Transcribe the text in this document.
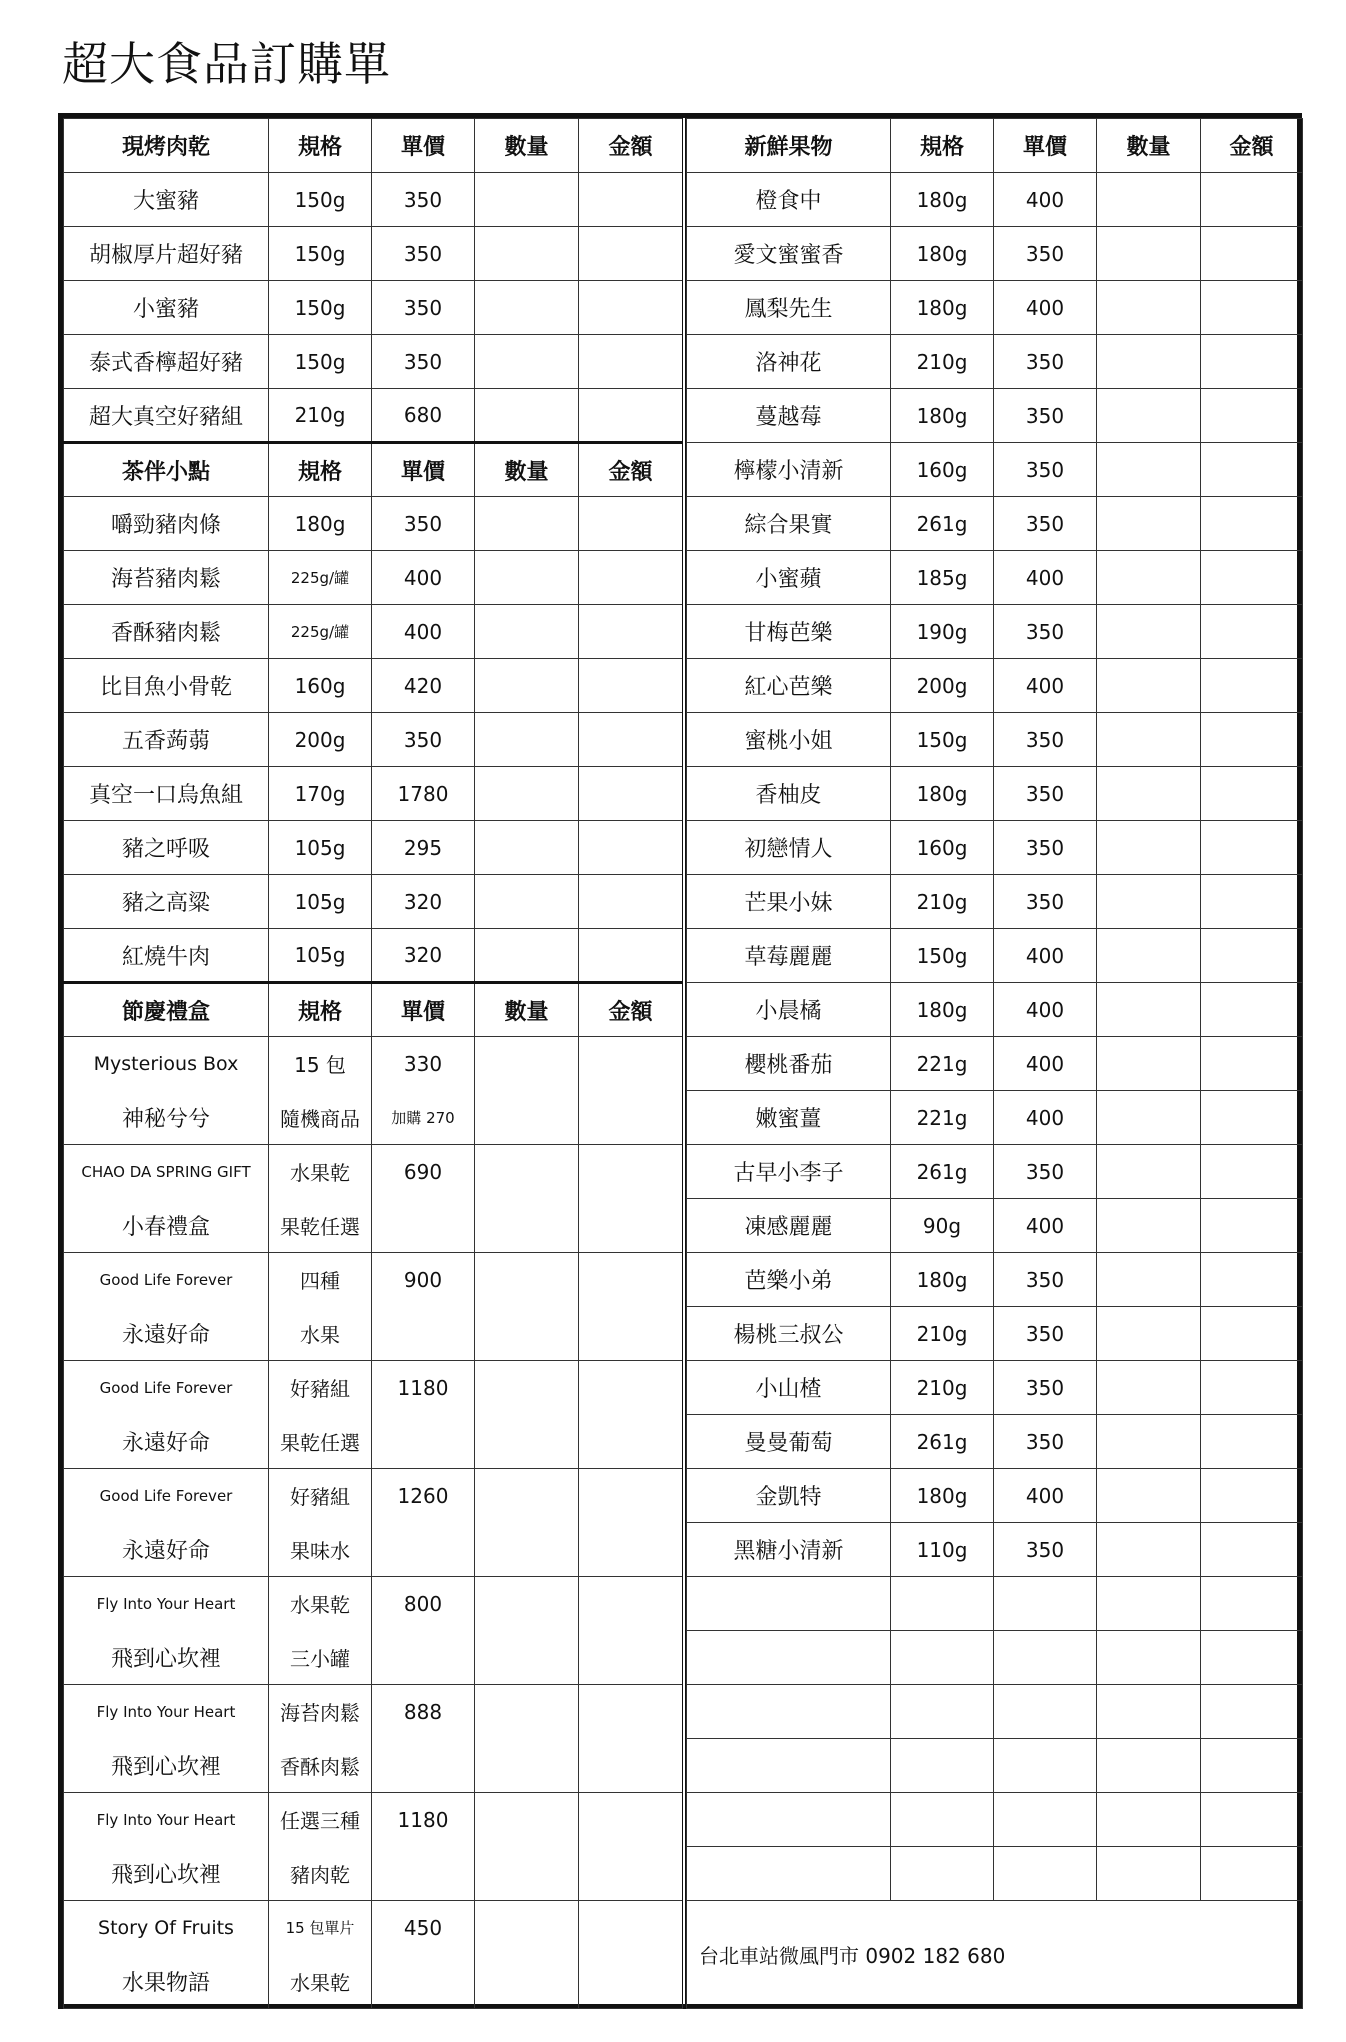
超大食品訂購單
現烤肉乾	規格	單價	數量	金額
大蜜豬	150g	350		
胡椒厚片超好豬	150g	350		
小蜜豬	150g	350		
泰式香檸超好豬	150g	350		
超大真空好豬組	210g	680		
茶伴小點	規格	單價	數量	金額
嚼勁豬肉條	180g	350		
海苔豬肉鬆	225g/罐	400		
香酥豬肉鬆	225g/罐	400		
比目魚小骨乾	160g	420		
五香蒟蒻	200g	350		
真空一口烏魚組	170g	1780		
豬之呼吸	105g	295		
豬之高粱	105g	320		
紅燒牛肉	105g	320		
節慶禮盒	規格	單價	數量	金額
Mysterious Box	15 包	330		
神秘兮兮	隨機商品	加購 270		
CHAO DA SPRING GIFT	水果乾	690		
小春禮盒	果乾任選			
Good Life Forever	四種	900		
永遠好命	水果			
Good Life Forever	好豬組	1180		
永遠好命	果乾任選			
Good Life Forever	好豬組	1260		
永遠好命	果味水			
Fly Into Your Heart	水果乾	800		
飛到心坎裡	三小罐			
Fly Into Your Heart	海苔肉鬆	888		
飛到心坎裡	香酥肉鬆			
Fly Into Your Heart	任選三種	1180		
飛到心坎裡	豬肉乾			
Story Of Fruits	15 包單片	450		
水果物語	水果乾			
新鮮果物	規格	單價	數量	金額
橙食中	180g	400		
愛文蜜蜜香	180g	350		
鳳梨先生	180g	400		
洛神花	210g	350		
蔓越莓	180g	350		
檸檬小清新	160g	350		
綜合果實	261g	350		
小蜜蘋	185g	400		
甘梅芭樂	190g	350		
紅心芭樂	200g	400		
蜜桃小姐	150g	350		
香柚皮	180g	350		
初戀情人	160g	350		
芒果小妹	210g	350		
草莓麗麗	150g	400		
小晨橘	180g	400		
櫻桃番茄	221g	400		
嫩蜜薑	221g	400		
古早小李子	261g	350		
凍感麗麗	90g	400		
芭樂小弟	180g	350		
楊桃三叔公	210g	350		
小山楂	210g	350		
曼曼葡萄	261g	350		
金凱特	180g	400		
黑糖小清新	110g	350		

台北車站微風門市 0902 182 680				
